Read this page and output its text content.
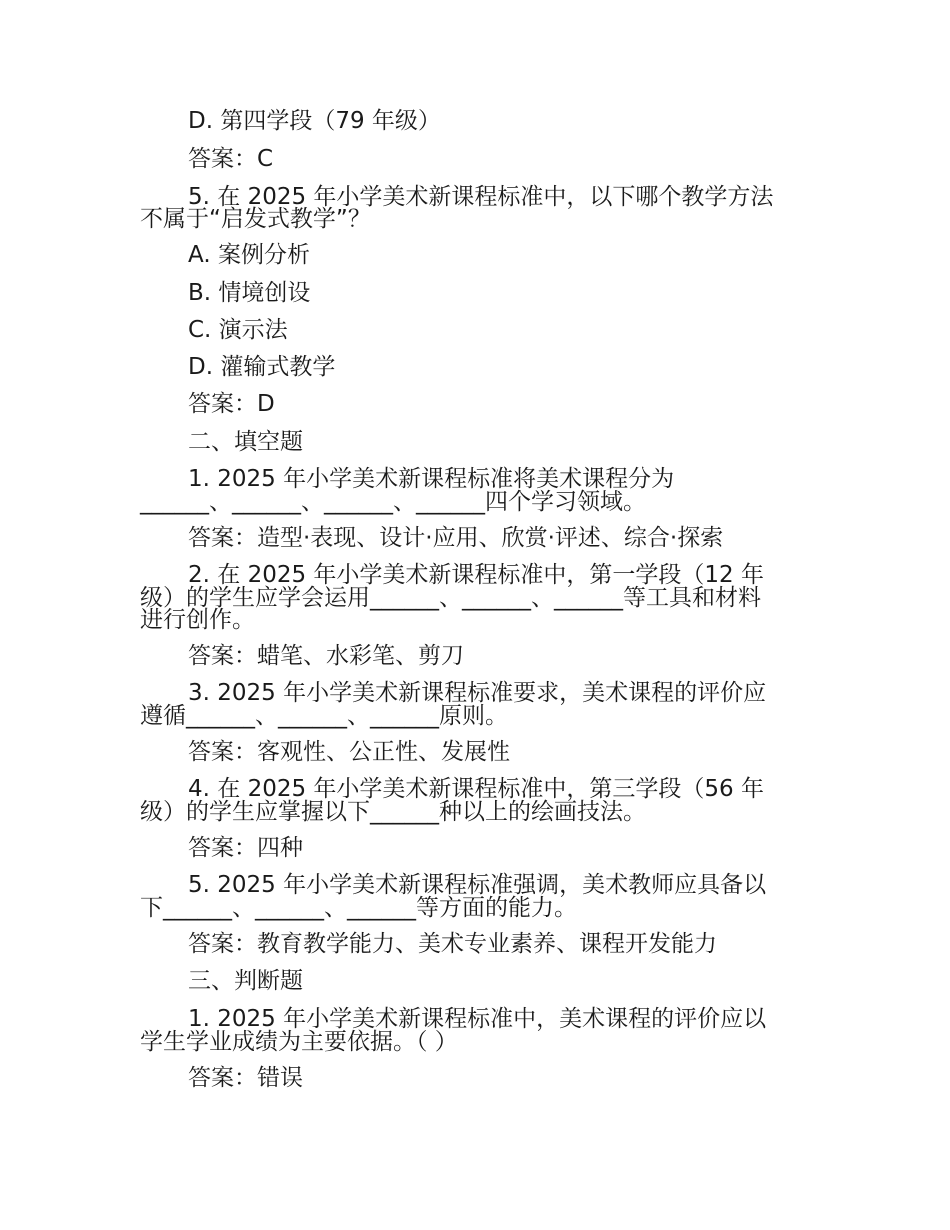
D. 第四学段（79 年级）
答案：C
5. 在 2025 年小学美术新课程标准中，以下哪个教学方法
不属于“启发式教学”？
A. 案例分析
B. 情境创设
C. 演示法
D. 灌输式教学
答案：D
二、填空题
1. 2025 年小学美术新课程标准将美术课程分为
______、______、______、______四个学习领域。
答案：造型·表现、设计·应用、欣赏·评述、综合·探索
2. 在 2025 年小学美术新课程标准中，第一学段（12 年
级）的学生应学会运用______、______、______等工具和材料
进行创作。
答案：蜡笔、水彩笔、剪刀
3. 2025 年小学美术新课程标准要求，美术课程的评价应
遵循______、______、______原则。
答案：客观性、公正性、发展性
4. 在 2025 年小学美术新课程标准中，第三学段（56 年
级）的学生应掌握以下______种以上的绘画技法。
答案：四种
5. 2025 年小学美术新课程标准强调，美术教师应具备以
下______、______、______等方面的能力。
答案：教育教学能力、美术专业素养、课程开发能力
三、判断题
1. 2025 年小学美术新课程标准中，美术课程的评价应以
学生学业成绩为主要依据。（ ）
答案：错误
